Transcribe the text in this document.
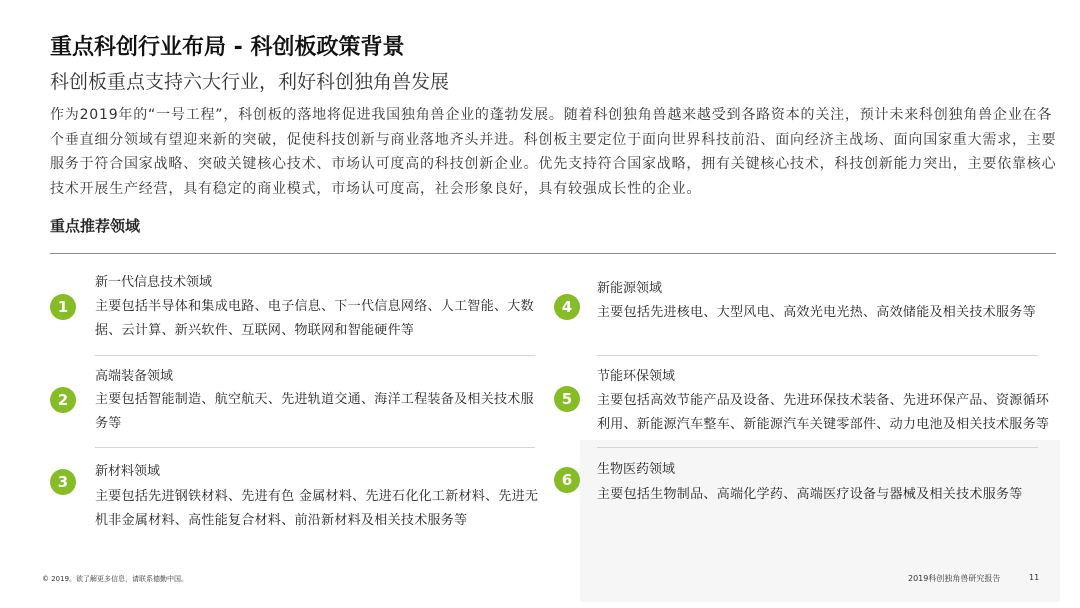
重点科创行业布局 - 科创板政策背景
科创板重点支持六大行业，利好科创独角兽发展
作为2019年的“一号工程”，科创板的落地将促进我国独角兽企业的蓬勃发展。随着科创独角兽越来越受到各路资本的关注，预计未来科创独角兽企业在各个垂直细分领域有望迎来新的突破，促使科技创新与商业落地齐头并进。科创板主要定位于面向世界科技前沿、面向经济主战场、面向国家重大需求，主要服务于符合国家战略、突破关键核心技术、市场认可度高的科技创新企业。优先支持符合国家战略，拥有关键核心技术，科技创新能力突出，主要依靠核心技术开展生产经营，具有稳定的商业模式，市场认可度高，社会形象良好，具有较强成长性的企业。
重点推荐领域
1
新一代信息技术领域
主要包括半导体和集成电路、电子信息、下一代信息网络、人工智能、大数据、云计算、新兴软件、互联网、物联网和智能硬件等
2
高端装备领域
主要包括智能制造、航空航天、先进轨道交通、海洋工程装备及相关技术服务等
3
新材料领域
主要包括先进钢铁材料、先进有色 金属材料、先进石化化工新材料、先进无机非金属材料、高性能复合材料、前沿新材料及相关技术服务等
4
新能源领域
主要包括先进核电、大型风电、高效光电光热、高效储能及相关技术服务等
5
节能环保领域
主要包括高效节能产品及设备、先进环保技术装备、先进环保产品、资源循环利用、新能源汽车整车、新能源汽车关键零部件、动力电池及相关技术服务等
6
生物医药领域
主要包括生物制品、高端化学药、高端医疗设备与器械及相关技术服务等
© 2019。欲了解更多信息，请联系德勤中国。	2019科创独角兽研究报告	11
